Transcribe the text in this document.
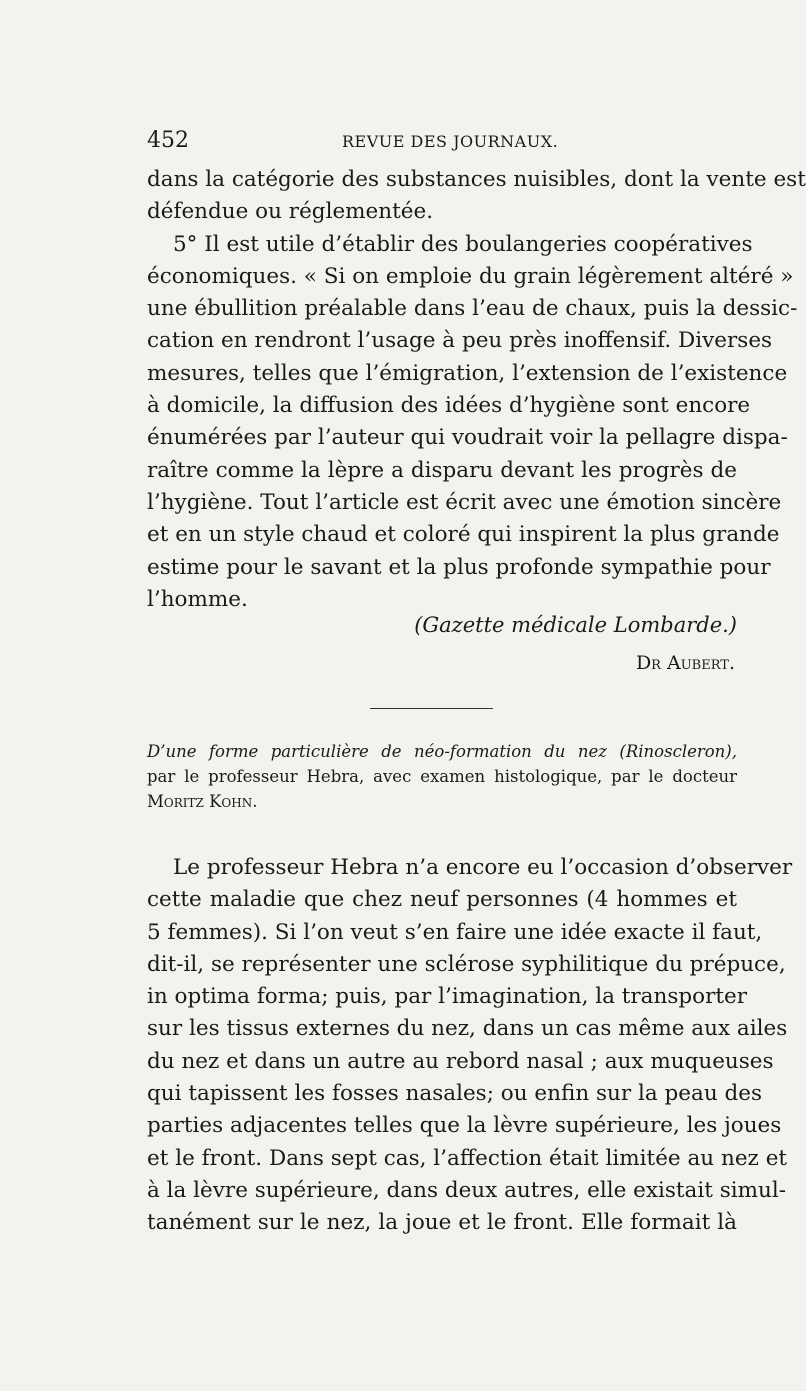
452	REVUE DES JOURNAUX.
dans la catégorie des substances nuisibles, dont la vente est
défendue ou réglementée.
5° Il est utile d’établir des boulangeries coopératives
économiques. « Si on emploie du grain légèrement altéré »
une ébullition préalable dans l’eau de chaux, puis la dessic-
cation en rendront l’usage à peu près inoffensif. Diverses
mesures, telles que l’émigration, l’extension de l’existence
à domicile, la diffusion des idées d’hygiène sont encore
énumérées par l’auteur qui voudrait voir la pellagre dispa-
raître comme la lèpre a disparu devant les progrès de
l’hygiène. Tout l’article est écrit avec une émotion sincère
et en un style chaud et coloré qui inspirent la plus grande
estime pour le savant et la plus profonde sympathie pour
l’homme.
(Gazette médicale Lombarde.)
Dr Aubert.
D’une forme particulière de néo-formation du nez (Rinoscleron),
par le professeur Hebra, avec examen histologique, par le docteur
Moritz Kohn.
Le professeur Hebra n’a encore eu l’occasion d’observer
cette maladie que chez neuf personnes (4 hommes et
5 femmes). Si l’on veut s’en faire une idée exacte il faut,
dit-il, se représenter une sclérose syphilitique du prépuce,
in optima forma; puis, par l’imagination, la transporter
sur les tissus externes du nez, dans un cas même aux ailes
du nez et dans un autre au rebord nasal ; aux muqueuses
qui tapissent les fosses nasales; ou enfin sur la peau des
parties adjacentes telles que la lèvre supérieure, les joues
et le front. Dans sept cas, l’affection était limitée au nez et
à la lèvre supérieure, dans deux autres, elle existait simul-
tanément sur le nez, la joue et le front. Elle formait là
